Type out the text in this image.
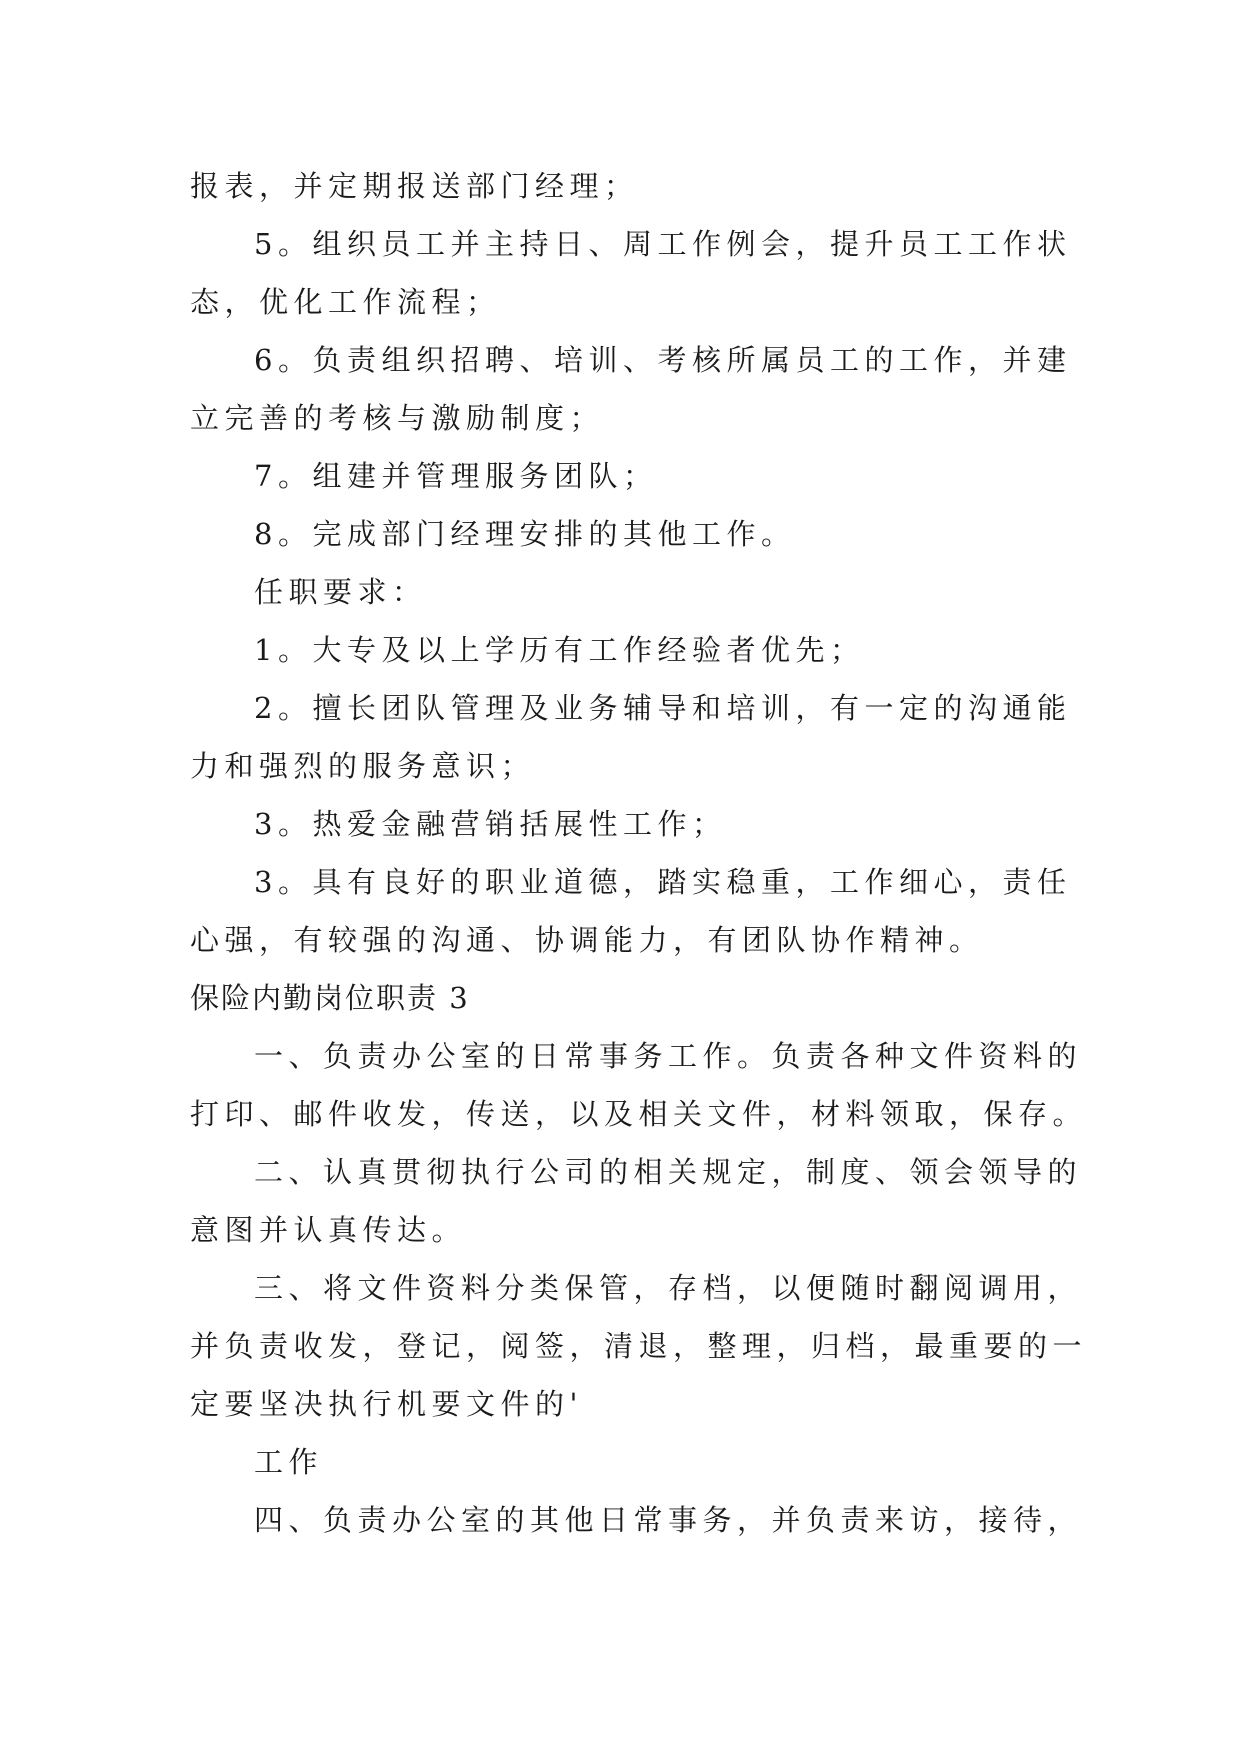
报表，并定期报送部门经理；
5。组织员工并主持日、周工作例会，提升员工工作状
态，优化工作流程；
6。负责组织招聘、培训、考核所属员工的工作，并建
立完善的考核与激励制度；
7。组建并管理服务团队；
8。完成部门经理安排的其他工作。
任职要求：
1。大专及以上学历有工作经验者优先；
2。擅长团队管理及业务辅导和培训，有一定的沟通能
力和强烈的服务意识；
3。热爱金融营销括展性工作；
3。具有良好的职业道德，踏实稳重，工作细心，责任
心强，有较强的沟通、协调能力，有团队协作精神。
保险内勤岗位职责 3
一、负责办公室的日常事务工作。负责各种文件资料的
打印、邮件收发，传送，以及相关文件，材料领取，保存。
二、认真贯彻执行公司的相关规定，制度、领会领导的
意图并认真传达。
三、将文件资料分类保管，存档，以便随时翻阅调用，
并负责收发，登记，阅签，清退，整理，归档，最重要的一
定要坚决执行机要文件的'
工作
四、负责办公室的其他日常事务，并负责来访，接待，
